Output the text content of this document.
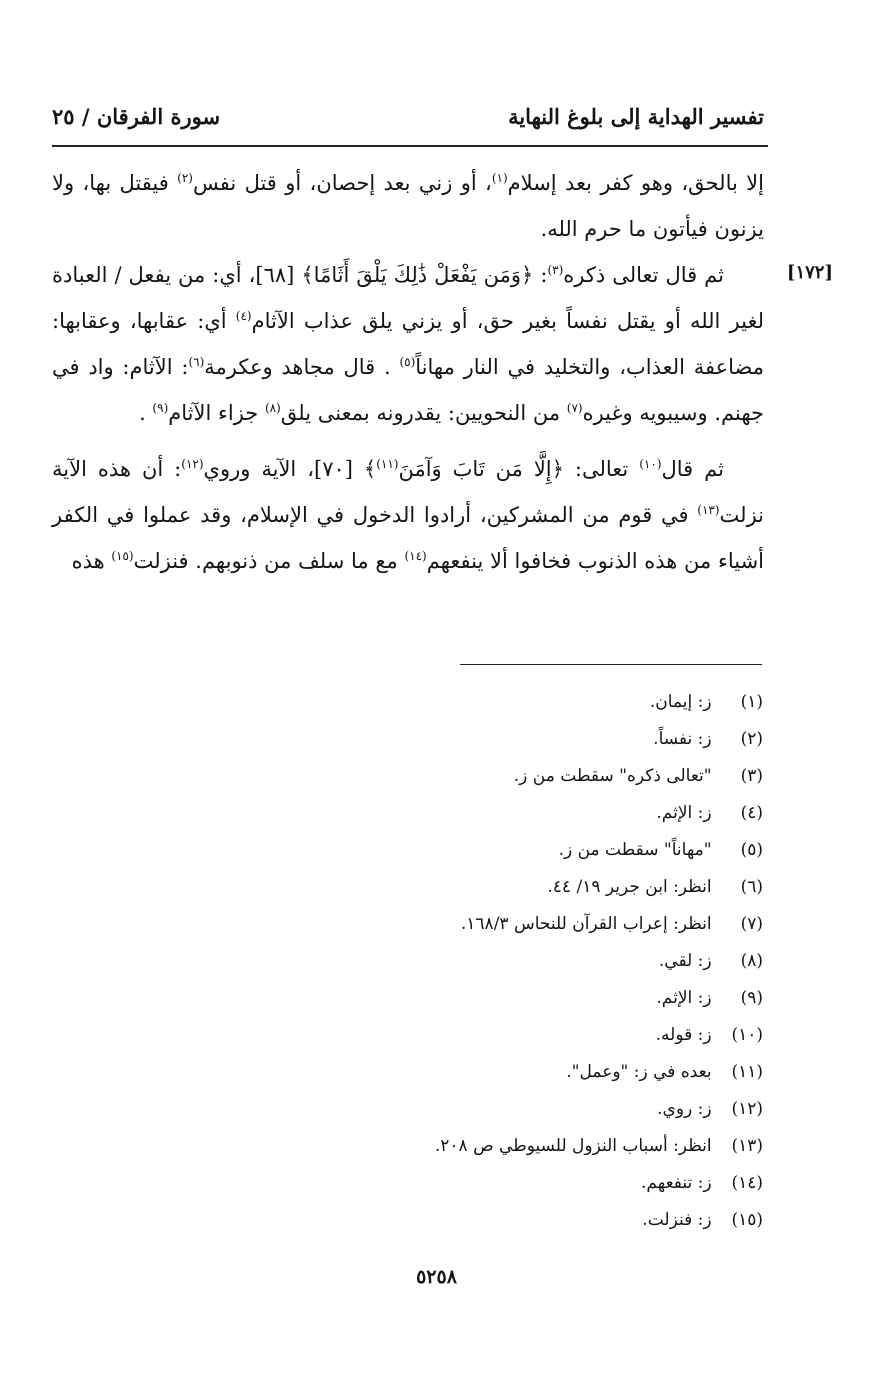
تفسير الهداية إلى بلوغ النهاية
سورة الفرقان / ٢٥
[١٧٢]

إلا بالحق، وهو كفر بعد إسلام$^{(١)}$، أو زني بعد إحصان، أو قتل نفس$^{(٢)}$ فيقتل بها، ولا يزنون فيأتون ما حرم الله.

ثم قال تعالى ذكره$^{(٣)}$: ﴿وَمَن يَفْعَلْ ذَٰلِكَ يَلْقَ أَثَامًا﴾ [٦٨]، أي: من يفعل / العبادة لغير الله أو يقتل نفساً بغير حق، أو يزني يلق عذاب الآثام$^{(٤)}$ أي: عقابها، وعقابها: مضاعفة العذاب، والتخليد في النار مهاناً$^{(٥)}$ . قال مجاهد وعكرمة$^{(٦)}$: الآثام: واد في جهنم. وسيبويه وغيره$^{(٧)}$ من النحويين: يقدرونه بمعنى يلق$^{(٨)}$ جزاء الآثام$^{(٩)}$ .

ثم قال$^{(١٠)}$ تعالى: ﴿إِلَّا مَن تَابَ وَآمَنَ$^{(١١)}$﴾ [٧٠]، الآية وروي$^{(١٢)}$: أن هذه الآية نزلت$^{(١٣)}$ في قوم من المشركين، أرادوا الدخول في الإسلام، وقد عملوا في الكفر أشياء من هذه الذنوب فخافوا ألا ينفعهم$^{(١٤)}$ مع ما سلف من ذنوبهم. فنزلت$^{(١٥)}$ هذه

(١) ز: إيمان.
(٢) ز: نفساً.
(٣) "تعالى ذكره" سقطت من ز.
(٤) ز: الإثم.
(٥) "مهاناً" سقطت من ز.
(٦) انظر: ابن جرير ١٩/ ٤٤.
(٧) انظر: إعراب القرآن للنحاس ١٦٨/٣.
(٨) ز: لقي.
(٩) ز: الإثم.
(١٠) ز: قوله.
(١١) بعده في ز: "وعمل".
(١٢) ز: روي.
(١٣) انظر: أسباب النزول للسيوطي ص ٢٠٨.
(١٤) ز: تنفعهم.
(١٥) ز: فنزلت.
٥٢٥٨
